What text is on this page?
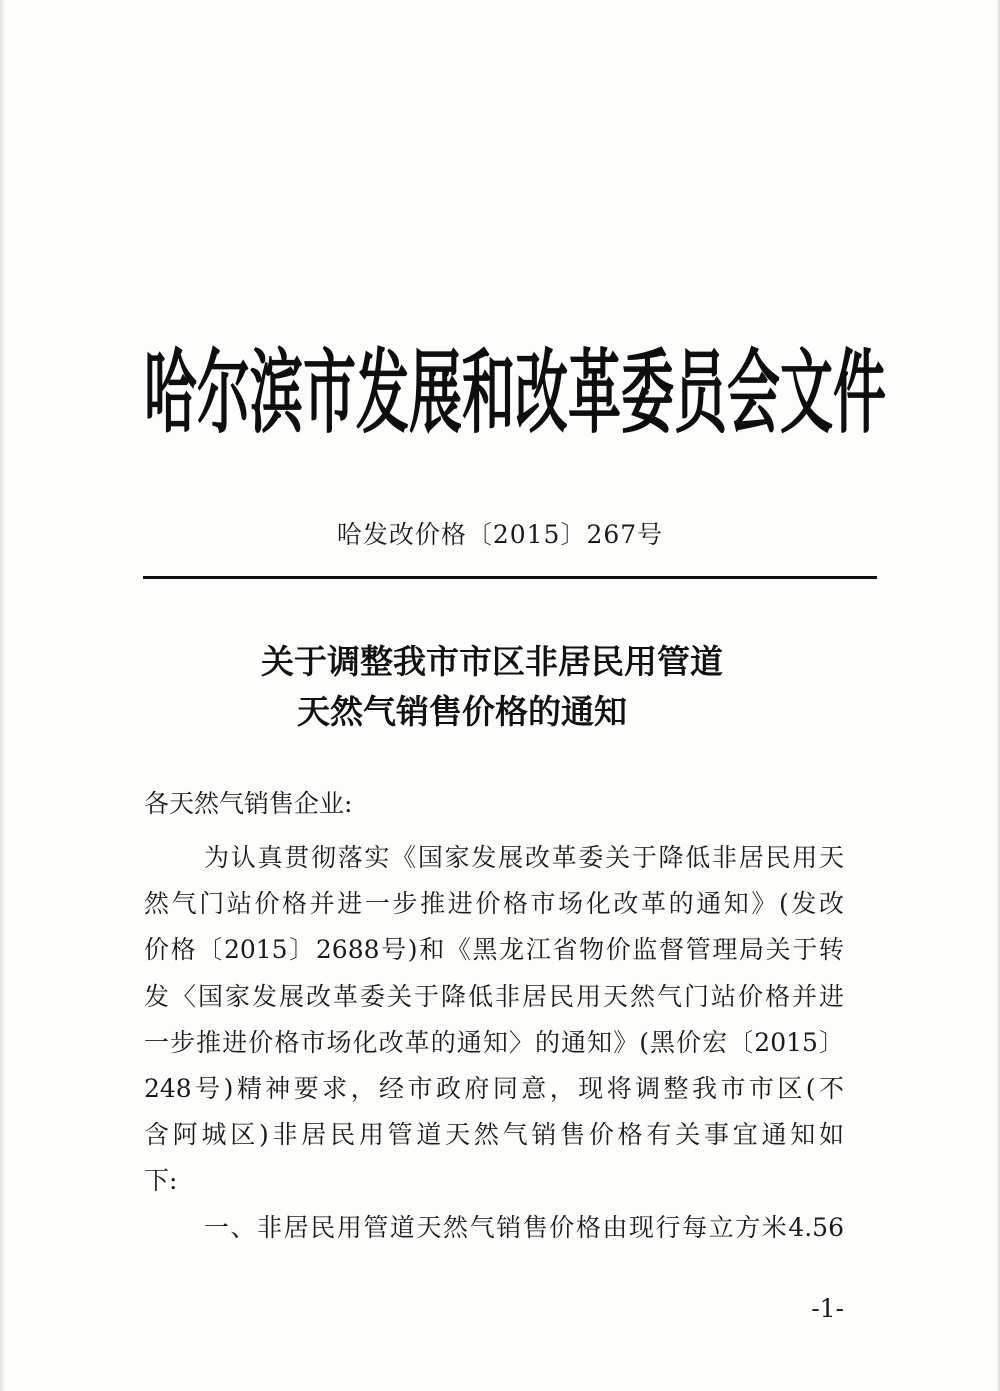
哈尔滨市发展和改革委员会文件
哈发改价格〔2015〕267号
关于调整我市市区非居民用管道
天然气销售价格的通知
各天然气销售企业:
为认真贯彻落实《国家发展改革委关于降低非居民用天
然气门站价格并进一步推进价格市场化改革的通知》(发改
价格〔2015〕2688号)和《黑龙江省物价监督管理局关于转
发〈国家发展改革委关于降低非居民用天然气门站价格并进
一步推进价格市场化改革的通知〉的通知》(黑价宏〔2015〕
248号)精神要求，经市政府同意，现将调整我市市区(不
含阿城区)非居民用管道天然气销售价格有关事宜通知如
下:
一、非居民用管道天然气销售价格由现行每立方米4.56
-1-
